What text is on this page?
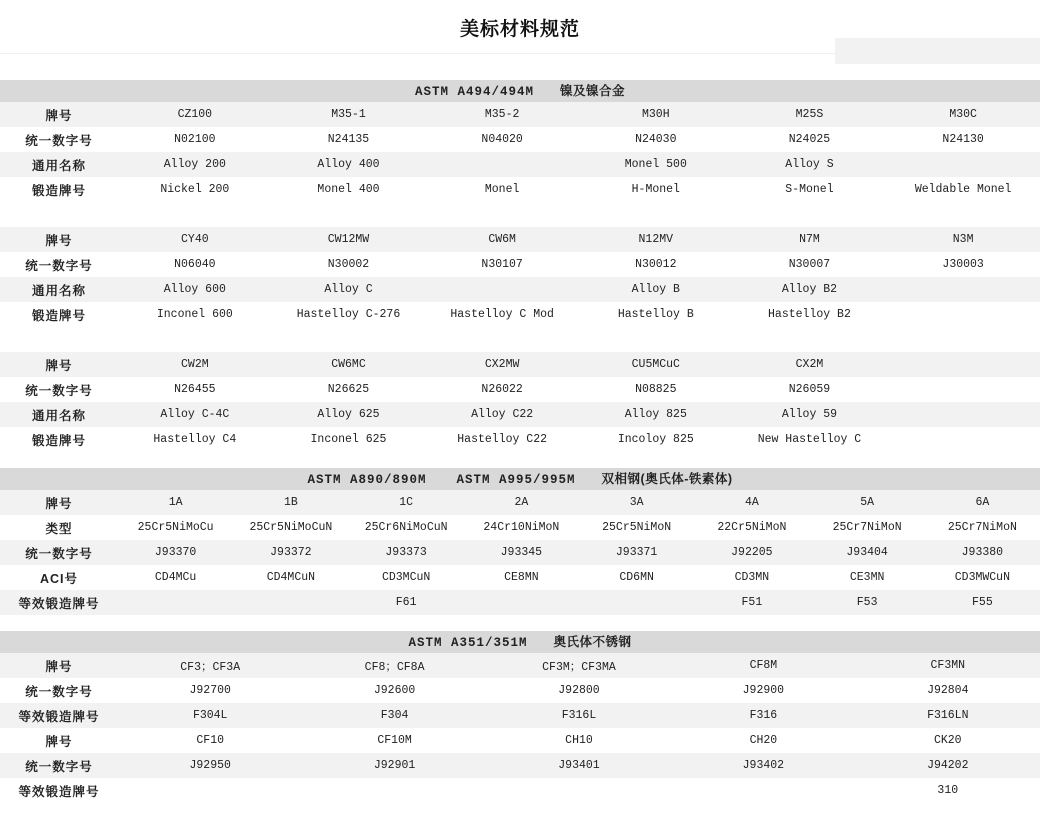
美标材料规范
ASTM A494/494M 镍及镍合金
牌号	CZ100	M35-1	M35-2	M30H	M25S	M30C
统一数字号	N02100	N24135	N04020	N24030	N24025	N24130
通用名称	Alloy 200	Alloy 400		Monel 500	Alloy S	
锻造牌号	Nickel 200	Monel 400	Monel	H-Monel	S-Monel	Weldable Monel

牌号	CY40	CW12MW	CW6M	N12MV	N7M	N3M
统一数字号	N06040	N30002	N30107	N30012	N30007	J30003
通用名称	Alloy 600	Alloy C		Alloy B	Alloy B2	
锻造牌号	Inconel 600	Hastelloy C-276	Hastelloy C Mod	Hastelloy B	Hastelloy B2	

牌号	CW2M	CW6MC	CX2MW	CU5MCuC	CX2M	
统一数字号	N26455	N26625	N26022	N08825	N26059	
通用名称	Alloy C-4C	Alloy 625	Alloy C22	Alloy 825	Alloy 59	
锻造牌号	Hastelloy C4	Inconel 625	Hastelloy C22	Incoloy 825	New Hastelloy C	
ASTM A890/890M ASTM A995/995M 双相钢(奥氏体-铁素体)
牌号	1A	1B	1C	2A	3A	4A	5A	6A
类型	25Cr5NiMoCu	25Cr5NiMoCuN	25Cr6NiMoCuN	24Cr10NiMoN	25Cr5NiMoN	22Cr5NiMoN	25Cr7NiMoN	25Cr7NiMoN
统一数字号	J93370	J93372	J93373	J93345	J93371	J92205	J93404	J93380
ACI号	CD4MCu	CD4MCuN	CD3MCuN	CE8MN	CD6MN	CD3MN	CE3MN	CD3MWCuN
等效锻造牌号			F61			F51	F53	F55
ASTM A351/351M 奥氏体不锈钢
牌号	CF3；CF3A	CF8；CF8A	CF3M；CF3MA	CF8M	CF3MN
统一数字号	J92700	J92600	J92800	J92900	J92804
等效锻造牌号	F304L	F304	F316L	F316	F316LN
牌号	CF10	CF10M	CH10	CH20	CK20
统一数字号	J92950	J92901	J93401	J93402	J94202
等效锻造牌号					310
